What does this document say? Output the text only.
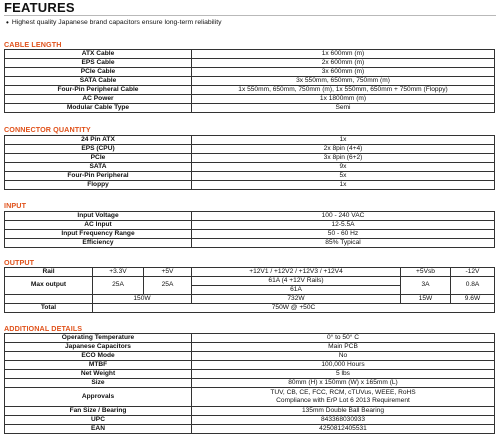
FEATURES
• Highest quality Japanese brand capacitors ensure long-term reliability
CABLE LENGTH
ATX Cable	1x 600mm (m)
EPS Cable	2x 600mm (m)
PCIe Cable	3x 600mm (m)
SATA Cable	3x 550mm, 650mm, 750mm (m)
Four-Pin Peripheral Cable	1x 550mm, 650mm, 750mm (m), 1x 550mm, 650mm + 750mm (Floppy)
AC Power	1x 1800mm (m)
Modular Cable Type	Semi
CONNECTOR QUANTITY
24 Pin ATX	1x
EPS (CPU)	2x 8pin (4+4)
PCIe	3x 8pin (6+2)
SATA	9x
Four-Pin Peripheral	5x
Floppy	1x
INPUT
Input Voltage	100 - 240 VAC
AC Input	12-5.5A
Input Frequency Range	50 - 60 Hz
Efficiency	85% Typical
OUTPUT
Rail	+3.3V	+5V	+12V1 / +12V2 / +12V3 / +12V4	+5Vsb	-12V
Max output	25A	25A	61A (4 +12V Rails)	3A	0.8A
			61A		
	150W		732W	15W	9.6W
Total	750W @ +50C				
ADDITIONAL DETAILS
Operating Temperature	0° to 50° C
Japanese Capacitors	Main PCB
ECO Mode	No
MTBF	100,000 Hours
Net Weight	5 lbs
Size	80mm (H) x 150mm (W) x 165mm (L)
Approvals	TUV, CB, CE, FCC, RCM, cTUVus, WEEE, RoHS
Compliance with ErP Lot 6 2013 Requirement

Fan Size / Bearing	135mm Double Ball Bearing
UPC	843368030933
EAN	4250812405531
